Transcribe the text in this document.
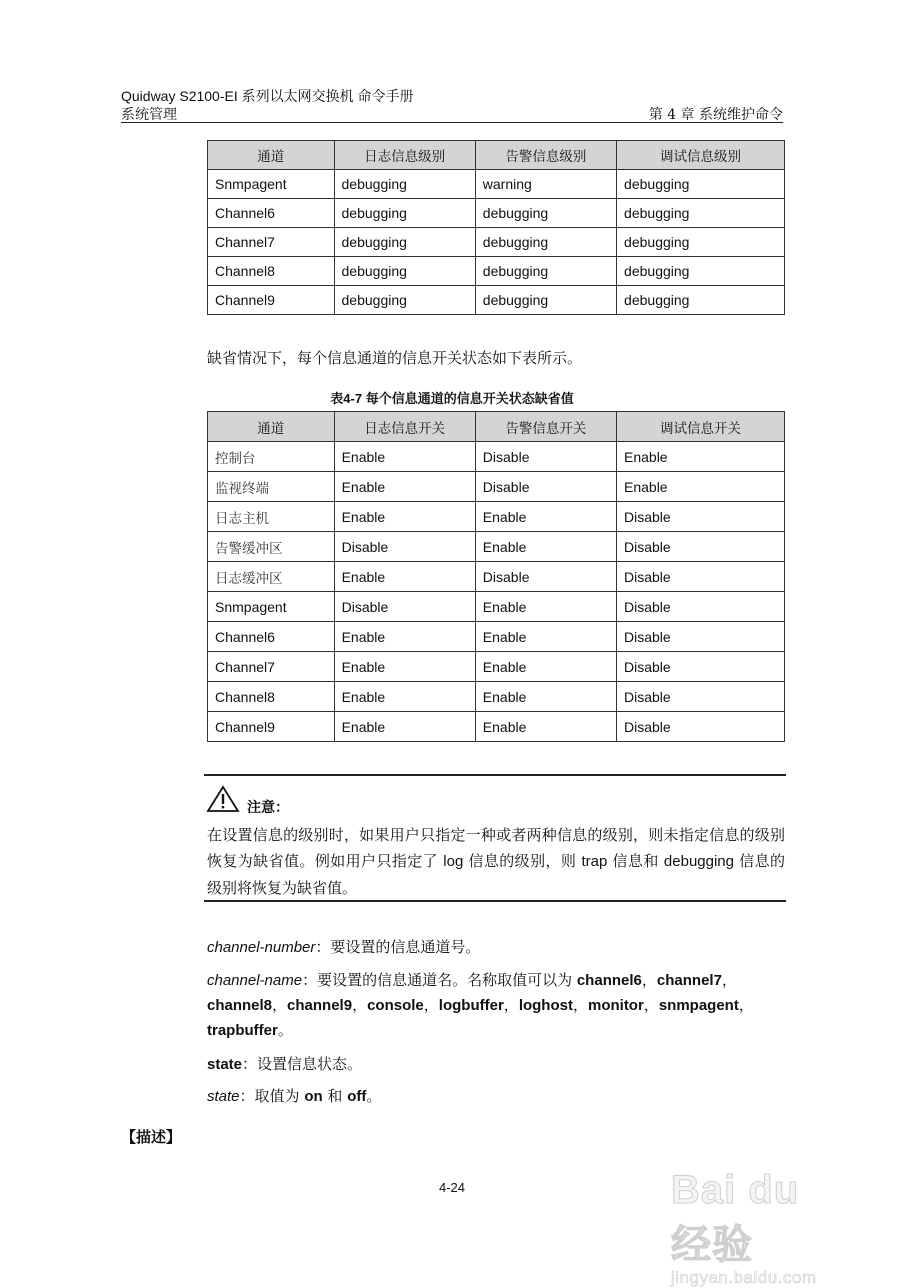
Quidway S2100-EI 系列以太网交换机 命令手册
系统管理	第 4 章 系统维护命令
通道	日志信息级别	告警信息级别	调试信息级别
Snmpagent	debugging	warning	debugging
Channel6	debugging	debugging	debugging
Channel7	debugging	debugging	debugging
Channel8	debugging	debugging	debugging
Channel9	debugging	debugging	debugging
缺省情况下，每个信息通道的信息开关状态如下表所示。
表4-7 每个信息通道的信息开关状态缺省值
通道	日志信息开关	告警信息开关	调试信息开关
控制台	Enable	Disable	Enable
监视终端	Enable	Disable	Enable
日志主机	Enable	Enable	Disable
告警缓冲区	Disable	Enable	Disable
日志缓冲区	Enable	Disable	Disable
Snmpagent	Disable	Enable	Disable
Channel6	Enable	Enable	Disable
Channel7	Enable	Enable	Disable
Channel8	Enable	Enable	Disable
Channel9	Enable	Enable	Disable
注意：
在设置信息的级别时，如果用户只指定一种或者两种信息的级别，则未指定信息的级别恢复为缺省值。例如用户只指定了 log 信息的级别，则 trap 信息和 debugging 信息的级别将恢复为缺省值。
channel-number：要设置的信息通道号。
channel-name：要设置的信息通道名。名称取值可以为 channel6，channel7，channel8，channel9，console，logbuffer，loghost，monitor，snmpagent，trapbuffer。
state：设置信息状态。
state：取值为 on 和 off。
【描述】
4-24	Bai du 经验
jingyan.baidu.com
